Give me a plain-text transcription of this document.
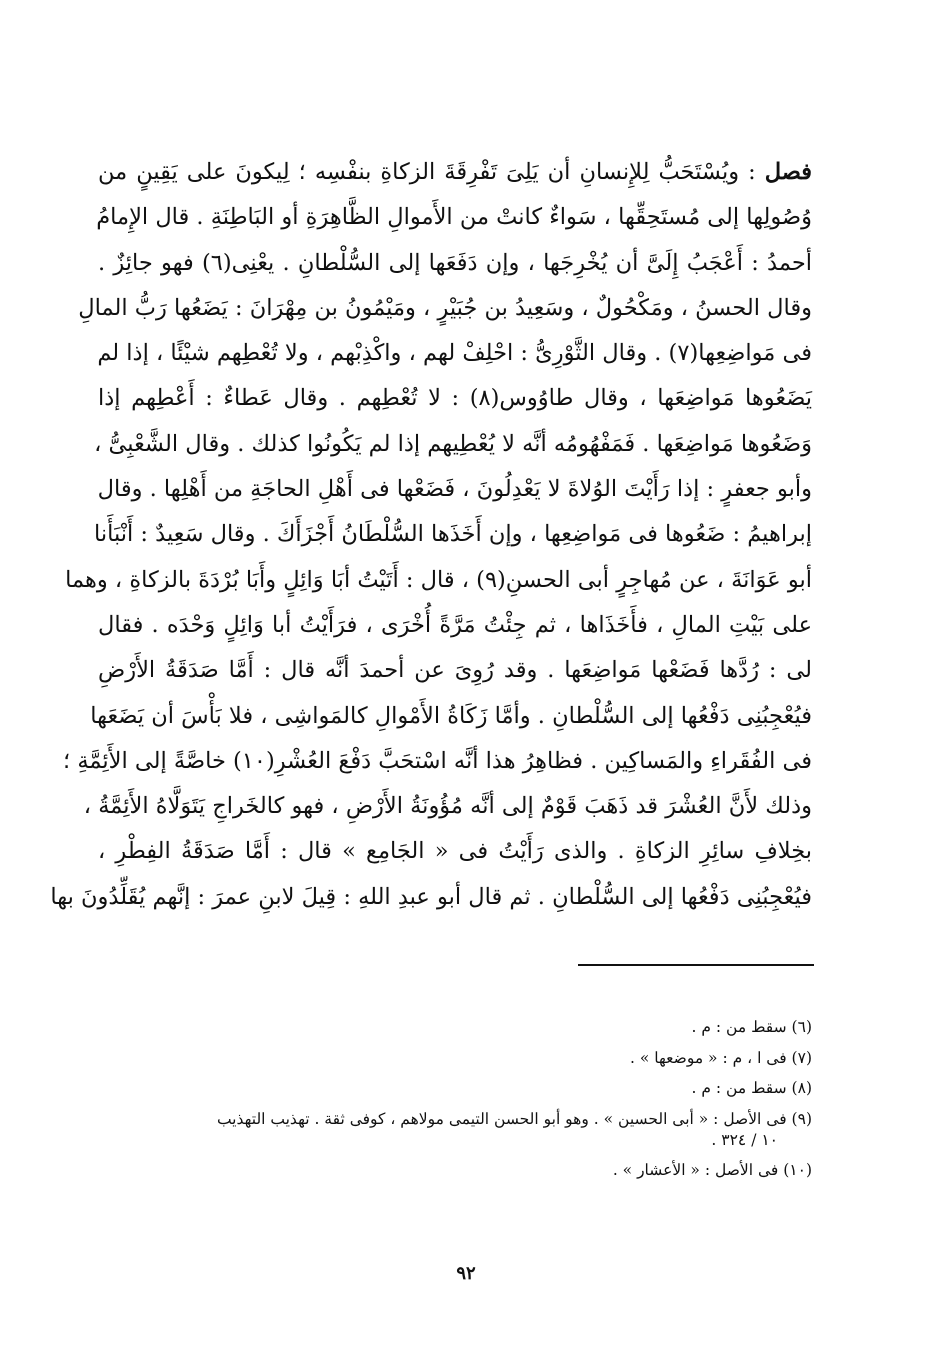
فصل : ويُسْتَحَبُّ لِلإِنسانِ أن يَلِىَ تَفْرِقَةَ الزكاةِ بنفْسِه ؛ لِيكونَ على يَقِينٍ من
وُصُولِها إلى مُستَحِقِّها ، سَواءٌ كانتْ من الأَموالِ الظَّاهِرَةِ أو البَاطِنَةِ . قال الإِمامُ
أحمدُ : أَعْجَبُ إِلَىَّ أن يُخْرِجَها ، وإن دَفَعَها إلى السُّلْطانِ . يعْنِى(٦) فهو جائِزٌ .
وقال الحسنُ ، ومَكْحُولٌ ، وسَعِيدُ بن جُبَيْرٍ ، ومَيْمُونُ بن مِهْرَانَ : يَضَعُها رَبُّ المالِ
فى مَواضِعِها(٧) . وقال الثَّوْرِىُّ : احْلِفْ لهم ، واكْذِبْهم ، ولا تُعْطِهم شيْئًا ، إذا لم
يَضَعُوها مَواضِعَها ، وقال طاوُوس(٨) : لا تُعْطِهم . وقال عَطاءٌ : أَعْطِهم إذا
وَضَعُوها مَواضِعَها . فَمَفْهُومُه أنَّه لا يُعْطِيهم إذا لم يَكُونُوا كذلك . وقال الشَّعْبِىُّ ،
وأبو جعفرٍ : إذا رَأَيْتَ الوُلاةَ لا يَعْدِلُونَ ، فَضَعْها فى أَهْلِ الحاجَةِ من أَهْلِها . وقال
إبراهيمُ : ضَعُوها فى مَواضِعِها ، وإن أَخَذَها السُّلْطَانُ أَجْزَأَكَ . وقال سَعِيدٌ : أَنْبَأَنا
أبو عَوَانَةَ ، عن مُهاجِرٍ أبى الحسنِ(٩) ، قال : أَتَيْتُ أبَا وَائِلٍ وأَبَا بُرْدَةَ بالزكاةِ ، وهما
على بَيْتِ المالِ ، فأَخَذَاها ، ثم جِئْتُ مَرَّةً أُخْرَى ، فرَأَيْتُ أبا وَائِلٍ وَحْدَه . فقال
لى : رُدَّها فَضَعْها مَواضِعَها . وقد رُوِىَ عن أحمدَ أنَّه قال : أَمَّا صَدَقَةُ الأَرْضِ
فيُعْجِبُنِى دَفْعُها إلى السُّلْطانِ . وأمَّا زَكَاةُ الأَمْوالِ كالمَواشِى ، فلا بَأْسَ أن يَضَعَها
فى الفُقَراءِ والمَساكِين . فظاهِرُ هذا أنَّه اسْتحَبَّ دَفْعَ العُشْرِ(١٠) خاصَّةً إلى الأَئِمَّةِ ؛
وذلك لأَنَّ العُشْرَ قد ذَهَبَ قَوْمٌ إلى أنَّه مُؤُونَةُ الأَرْضِ ، فهو كالخَراجِ يَتَوَلَّاهُ الأَئِمَّةُ ،
بخِلافِ سائِرِ الزكاةِ . والذى رَأَيْتُ فى « الجَامِع » قال : أَمَّا صَدَقَةُ الفِطْرِ ،
فيُعْجِبُنِى دَفْعُها إلى السُّلْطانِ . ثم قال أبو عبدِ اللهِ : قِيلَ لابنِ عمرَ : إنَّهم يُقَلِّدُونَ بها
(٦) سقط من : م .
(٧) فى ا ، م : « موضعها » .
(٨) سقط من : م .
(٩) فى الأصل : « أبى الحسين » . وهو أبو الحسن التيمى مولاهم ، كوفى ثقة . تهذيب التهذيب
١٠ / ٣٢٤ .
(١٠) فى الأصل : « الأعشار » .
٩٢
